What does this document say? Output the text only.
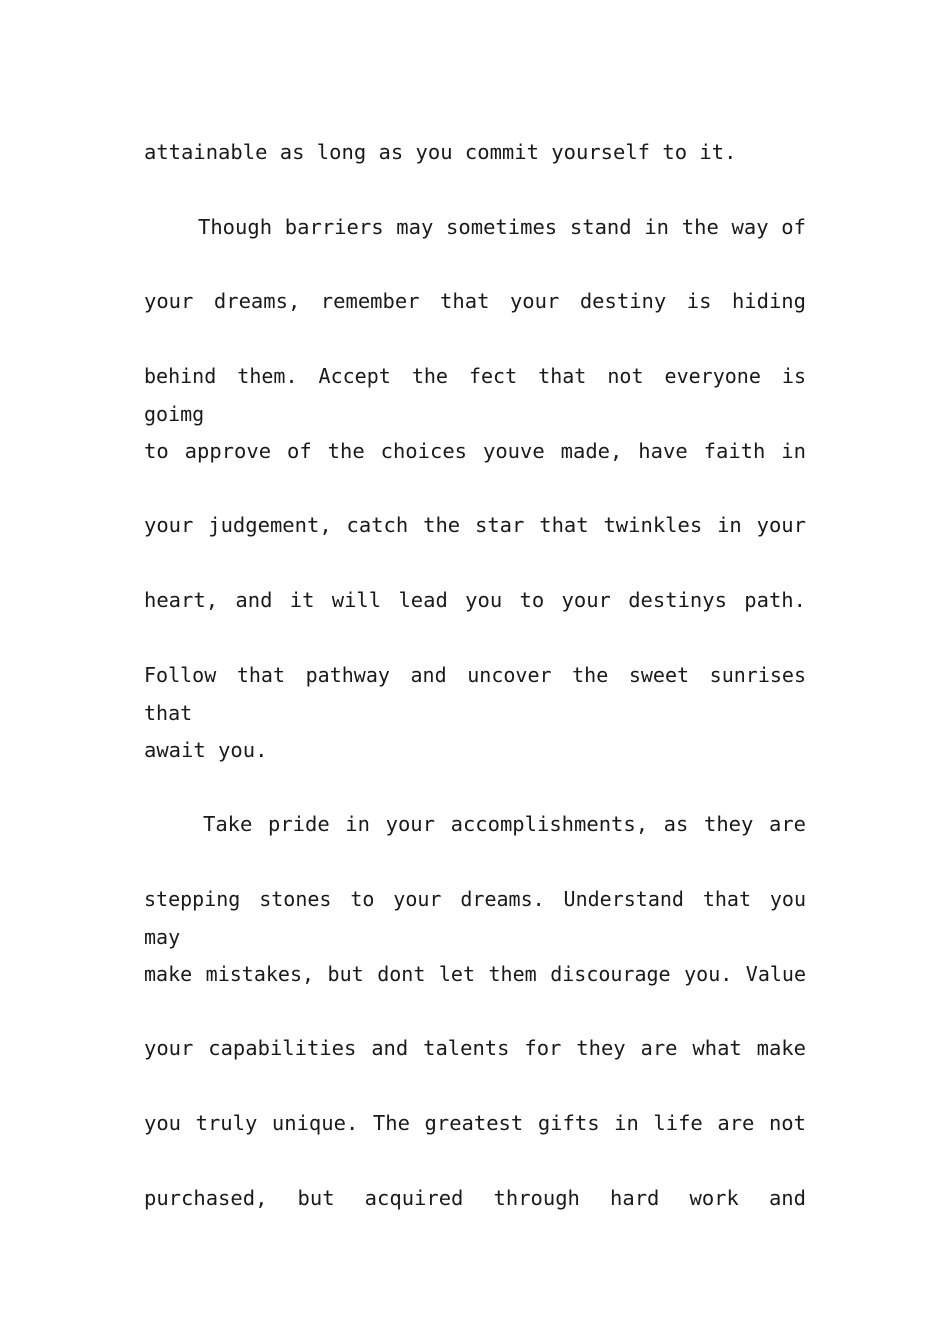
attainable as long as you commit yourself to it.
Though barriers may sometimes stand in the way of
your dreams, remember that your destiny is hiding
behind them. Accept the fect that not everyone is goimg
to approve of the choices youve made, have faith in
your judgement, catch the star that twinkles in your
heart, and it will lead you to your destinys path.
Follow that pathway and uncover the sweet sunrises that
await you.
Take pride in your accomplishments, as they are
stepping stones to your dreams. Understand that you may
make mistakes, but dont let them discourage you. Value
your capabilities and talents for they are what make
you truly unique. The greatest gifts in life are not
purchased, but acquired through hard work and
